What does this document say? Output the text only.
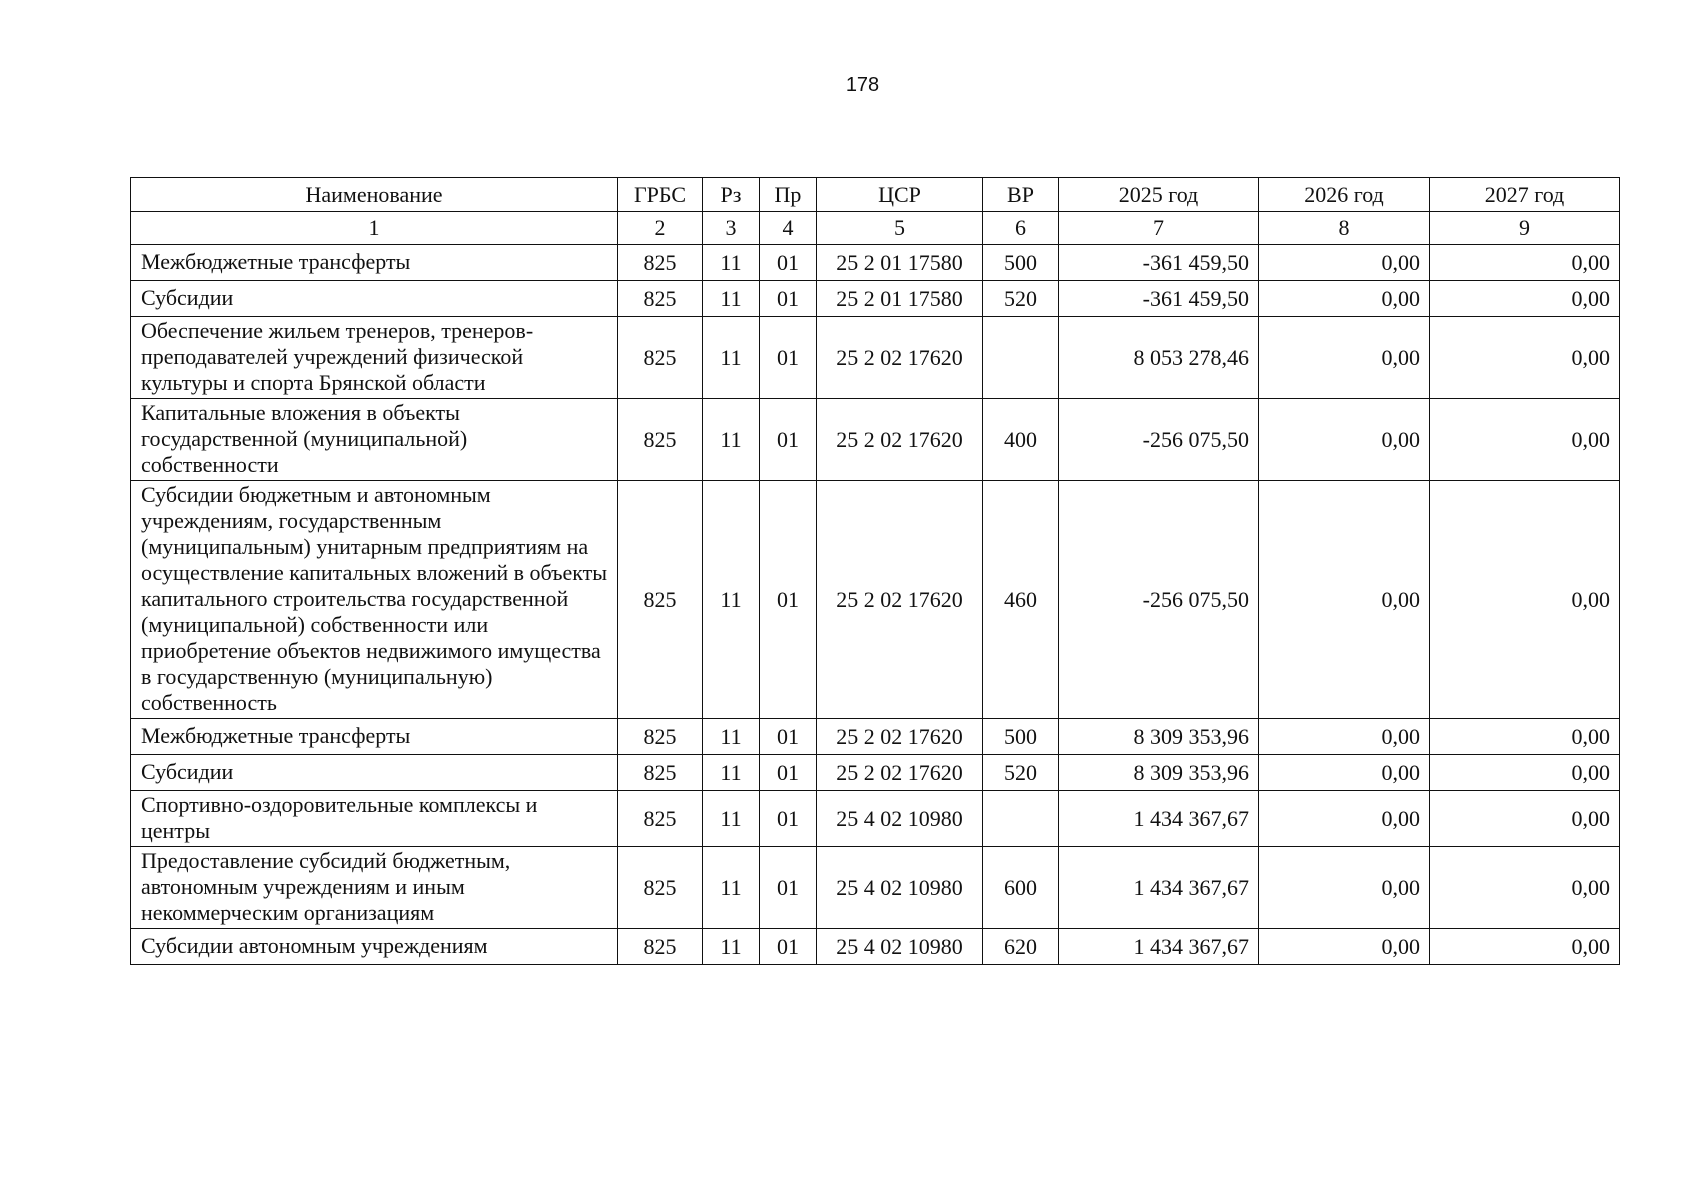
178
Наименование	ГРБС	Рз	Пр	ЦСР	ВР	2025 год	2026 год	2027 год
1	2	3	4	5	6	7	8	9
Межбюджетные трансферты	825	11	01	25 2 01 17580	500	-361 459,50	0,00	0,00
Субсидии	825	11	01	25 2 01 17580	520	-361 459,50	0,00	0,00
Обеспечение жильем тренеров, тренеров-преподавателей учреждений физической культуры и спорта Брянской области	825	11	01	25 2 02 17620		8 053 278,46	0,00	0,00
Капитальные вложения в объекты государственной (муниципальной) собственности	825	11	01	25 2 02 17620	400	-256 075,50	0,00	0,00
Субсидии бюджетным и автономным учреждениям, государственным (муниципальным) унитарным предприятиям на осуществление капитальных вложений в объекты капитального строительства государственной (муниципальной) собственности или приобретение объектов недвижимого имущества в государственную (муниципальную) собственность	825	11	01	25 2 02 17620	460	-256 075,50	0,00	0,00
Межбюджетные трансферты	825	11	01	25 2 02 17620	500	8 309 353,96	0,00	0,00
Субсидии	825	11	01	25 2 02 17620	520	8 309 353,96	0,00	0,00
Спортивно-оздоровительные комплексы и центры	825	11	01	25 4 02 10980		1 434 367,67	0,00	0,00
Предоставление субсидий бюджетным, автономным учреждениям и иным некоммерческим организациям	825	11	01	25 4 02 10980	600	1 434 367,67	0,00	0,00
Субсидии автономным учреждениям	825	11	01	25 4 02 10980	620	1 434 367,67	0,00	0,00
